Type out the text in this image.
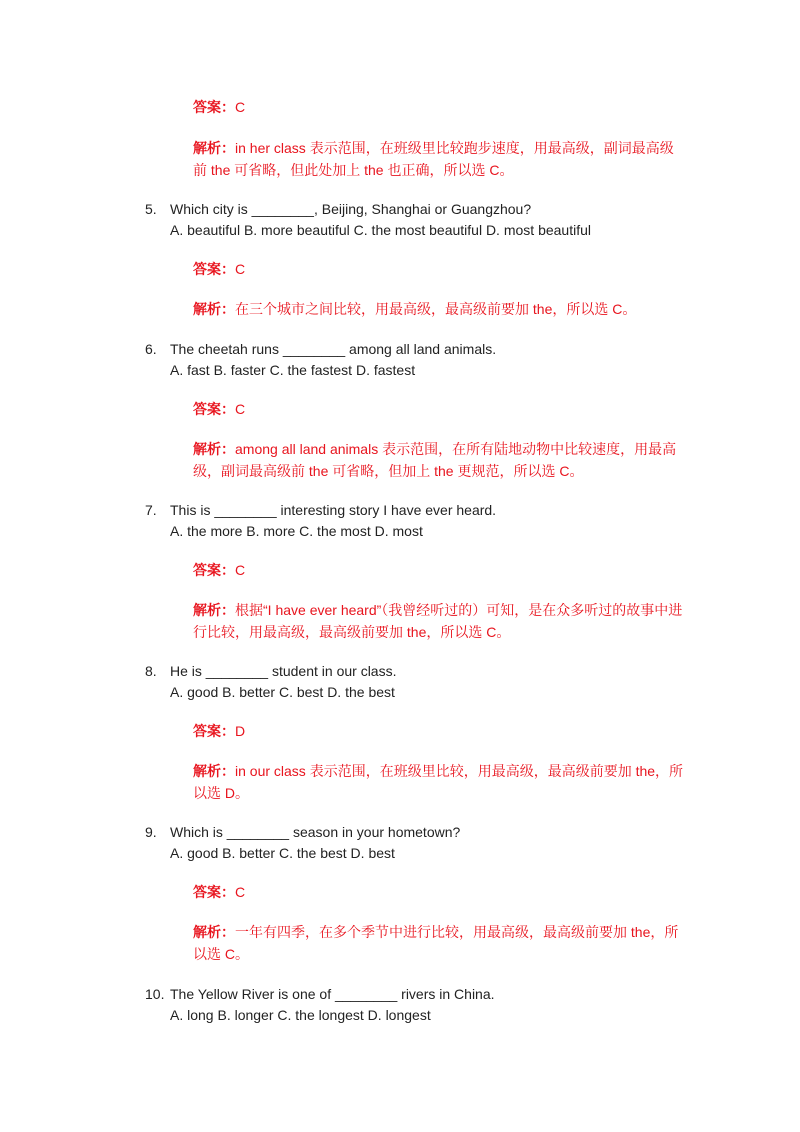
答案：C
解析：in her class 表示范围，在班级里比较跑步速度，用最高级，副词最高级前 the 可省略，但此处加上 the 也正确，所以选 C。
5. Which city is ________, Beijing, Shanghai or Guangzhou?
A. beautiful B. more beautiful C. the most beautiful D. most beautiful
答案：C
解析：在三个城市之间比较，用最高级，最高级前要加 the，所以选 C。
6. The cheetah runs ________ among all land animals.
A. fast B. faster C. the fastest D. fastest
答案：C
解析：among all land animals 表示范围，在所有陆地动物中比较速度，用最高级，副词最高级前 the 可省略，但加上 the 更规范，所以选 C。
7. This is ________ interesting story I have ever heard.
A. the more B. more C. the most D. most
答案：C
解析：根据“I have ever heard”（我曾经听过的）可知，是在众多听过的故事中进行比较，用最高级，最高级前要加 the，所以选 C。
8. He is ________ student in our class.
A. good B. better C. best D. the best
答案：D
解析：in our class 表示范围，在班级里比较，用最高级，最高级前要加 the，所以选 D。
9. Which is ________ season in your hometown?
A. good B. better C. the best D. best
答案：C
解析：一年有四季，在多个季节中进行比较，用最高级，最高级前要加 the，所以选 C。
10. The Yellow River is one of ________ rivers in China.
A. long B. longer C. the longest D. longest
